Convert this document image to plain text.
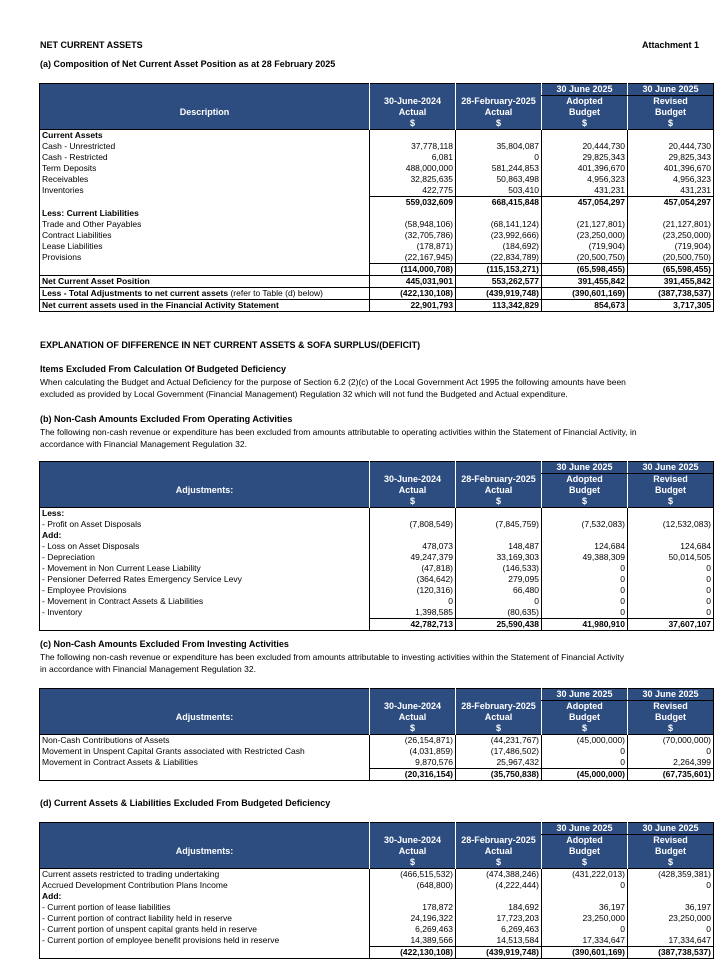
NET CURRENT ASSETS	Attachment 1
(a) Composition of Net Current Asset Position as at 28 February 2025
			30 June 2025	30 June 2025
	30-June-2024	28-February-2025	Adopted	Revised
Description	Actual	Actual	Budget	Budget
	$	$	$	$
Current Assets				
Cash - Unrestricted	37,778,118	35,804,087	20,444,730	20,444,730
Cash - Restricted	6,081	0	29,825,343	29,825,343
Term Deposits	488,000,000	581,244,853	401,396,670	401,396,670
Receivables	32,825,635	50,863,498	4,956,323	4,956,323
Inventories	422,775	503,410	431,231	431,231
	559,032,609	668,415,848	457,054,297	457,054,297
Less: Current Liabilities				
Trade and Other Payables	(58,948,106)	(68,141,124)	(21,127,801)	(21,127,801)
Contract Liabilities	(32,705,786)	(23,992,666)	(23,250,000)	(23,250,000)
Lease Liabilities	(178,871)	(184,692)	(719,904)	(719,904)
Provisions	(22,167,945)	(22,834,789)	(20,500,750)	(20,500,750)
	(114,000,708)	(115,153,271)	(65,598,455)	(65,598,455)
Net Current Asset Position	445,031,901	553,262,577	391,455,842	391,455,842
Less - Total Adjustments to net current assets (refer to Table (d) below)	(422,130,108)	(439,919,748)	(390,601,169)	(387,738,537)
Net current assets used in the Financial Activity Statement	22,901,793	113,342,829	854,673	3,717,305
EXPLANATION OF DIFFERENCE IN NET CURRENT ASSETS & SOFA SURPLUS/(DEFICIT)
Items Excluded From Calculation Of Budgeted Deficiency
When calculating the Budget and Actual Deficiency for the purpose of Section 6.2 (2)(c) of the Local Government Act 1995 the following amounts have been
excluded as provided by Local Government (Financial Management) Regulation 32 which will not fund the Budgeted and Actual expenditure.
(b) Non-Cash Amounts Excluded From Operating Activities
The following non-cash revenue or expenditure has been excluded from amounts attributable to operating activities within the Statement of Financial Activity, in
accordance with Financial Management Regulation 32.
			30 June 2025	30 June 2025
	30-June-2024	28-February-2025	Adopted	Revised
Adjustments:	Actual	Actual	Budget	Budget
	$	$	$	$
Less:				
- Profit on Asset Disposals	(7,808,549)	(7,845,759)	(7,532,083)	(12,532,083)
Add:				
- Loss on Asset Disposals	478,073	148,487	124,684	124,684
- Depreciation	49,247,379	33,169,303	49,388,309	50,014,505
- Movement in Non Current Lease Liability	(47,818)	(146,533)	0	0
- Pensioner Deferred Rates Emergency Service Levy	(364,642)	279,095	0	0
- Employee Provisions	(120,316)	66,480	0	0
- Movement in Contract Assets & Liabilities	0	0	0	0
- Inventory	1,398,585	(80,635)	0	0
	42,782,713	25,590,438	41,980,910	37,607,107
(c) Non-Cash Amounts Excluded From Investing Activities
The following non-cash revenue or expenditure has been excluded from amounts attributable to investing activities within the Statement of Financial Activity
in accordance with Financial Management Regulation 32.
			30 June 2025	30 June 2025
	30-June-2024	28-February-2025	Adopted	Revised
Adjustments:	Actual	Actual	Budget	Budget
	$	$	$	$
Non-Cash Contributions of Assets	(26,154,871)	(44,231,767)	(45,000,000)	(70,000,000)
Movement in Unspent Capital Grants associated with Restricted Cash	(4,031,859)	(17,486,502)	0	0
Movement in Contract Assets & Liabilities	9,870,576	25,967,432	0	2,264,399
	(20,316,154)	(35,750,838)	(45,000,000)	(67,735,601)
(d) Current Assets & Liabilities Excluded From Budgeted Deficiency
			30 June 2025	30 June 2025
	30-June-2024	28-February-2025	Adopted	Revised
Adjustments:	Actual	Actual	Budget	Budget
	$	$	$	$
Current assets restricted to trading undertaking	(466,515,532)	(474,388,246)	(431,222,013)	(428,359,381)
Accrued Development Contribution Plans Income	(648,800)	(4,222,444)	0	0
Add:				
- Current portion of lease liabilities	178,872	184,692	36,197	36,197
- Current portion of contract liability held in reserve	24,196,322	17,723,203	23,250,000	23,250,000
- Current portion of unspent capital grants held in reserve	6,269,463	6,269,463	0	0
- Current portion of employee benefit provisions held in reserve	14,389,566	14,513,584	17,334,647	17,334,647
	(422,130,108)	(439,919,748)	(390,601,169)	(387,738,537)
